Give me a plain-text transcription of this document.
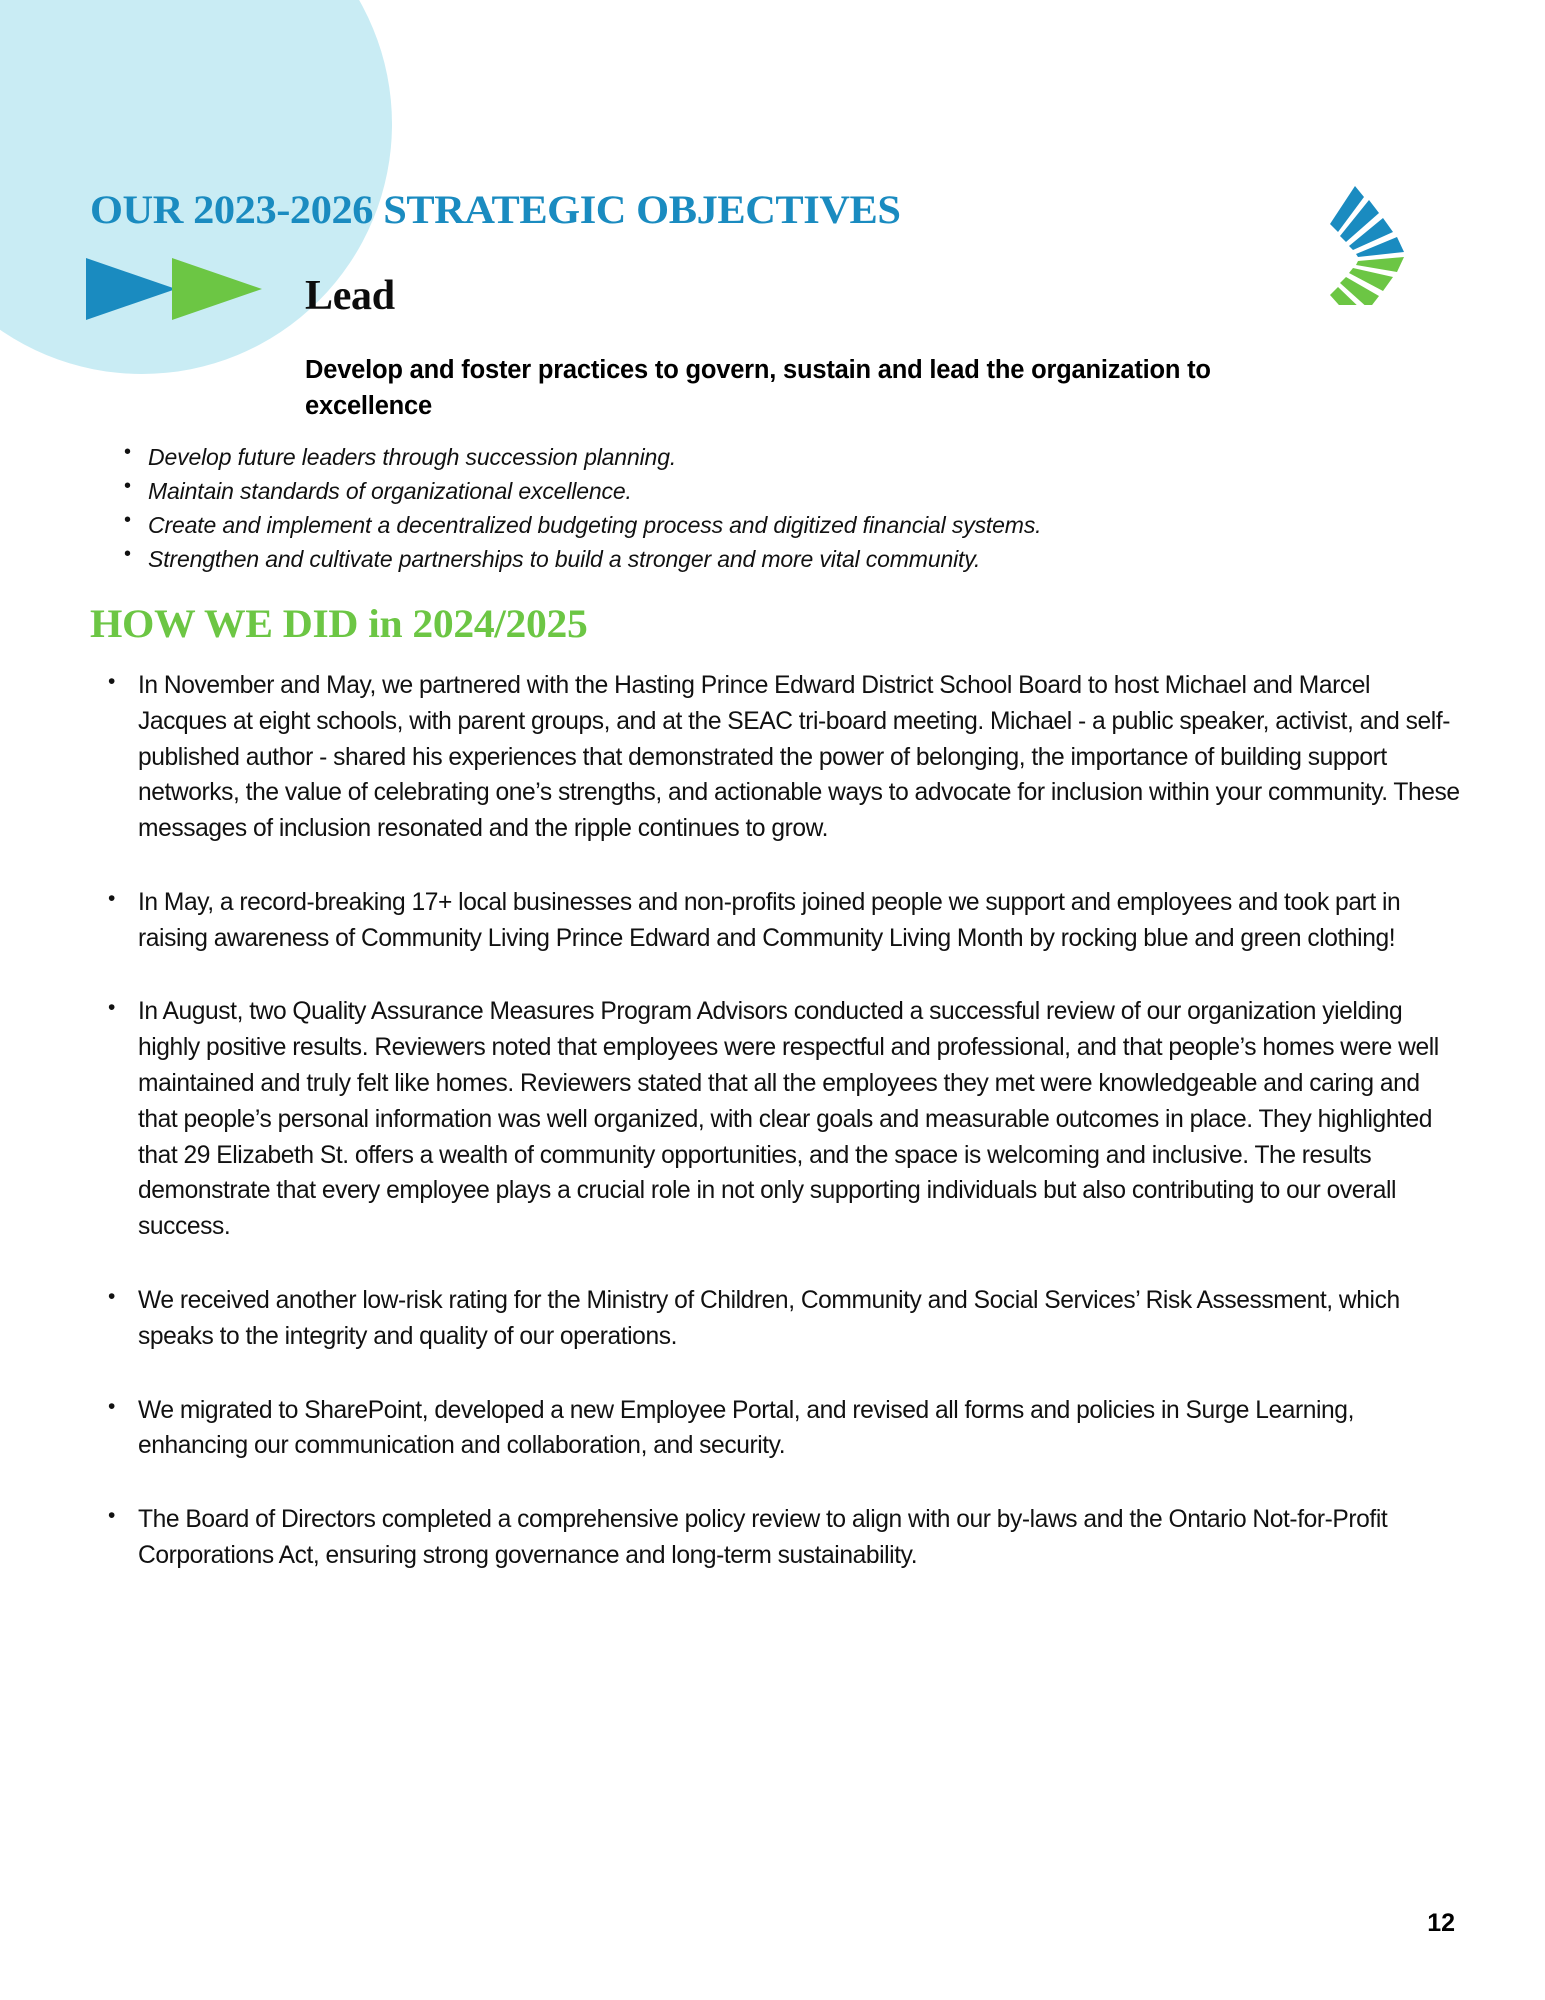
OUR 2023-2026 STRATEGIC OBJECTIVES
Lead
Develop and foster practices to govern, sustain and lead the organization to excellence
• Develop future leaders through succession planning.
• Maintain standards of organizational excellence.
• Create and implement a decentralized budgeting process and digitized financial systems.
• Strengthen and cultivate partnerships to build a stronger and more vital community.
HOW WE DID in 2024/2025
• In November and May, we partnered with the Hasting Prince Edward District School Board to host Michael and Marcel Jacques at eight schools, with parent groups, and at the SEAC tri-board meeting. Michael - a public speaker, activist, and self-published author - shared his experiences that demonstrated the power of belonging, the importance of building support networks, the value of celebrating one’s strengths, and actionable ways to advocate for inclusion within your community. These messages of inclusion resonated and the ripple continues to grow.
• In May, a record-breaking 17+ local businesses and non-profits joined people we support and employees and took part in raising awareness of Community Living Prince Edward and Community Living Month by rocking blue and green clothing!
• In August, two Quality Assurance Measures Program Advisors conducted a successful review of our organization yielding highly positive results. Reviewers noted that employees were respectful and professional, and that people’s homes were well maintained and truly felt like homes. Reviewers stated that all the employees they met were knowledgeable and caring and that people’s personal information was well organized, with clear goals and measurable outcomes in place. They highlighted that 29 Elizabeth St. offers a wealth of community opportunities, and the space is welcoming and inclusive. The results demonstrate that every employee plays a crucial role in not only supporting individuals but also contributing to our overall success.
• We received another low-risk rating for the Ministry of Children, Community and Social Services’ Risk Assessment, which speaks to the integrity and quality of our operations.
• We migrated to SharePoint, developed a new Employee Portal, and revised all forms and policies in Surge Learning, enhancing our communication and collaboration, and security.
• The Board of Directors completed a comprehensive policy review to align with our by-laws and the Ontario Not-for-Profit Corporations Act, ensuring strong governance and long-term sustainability.
12
